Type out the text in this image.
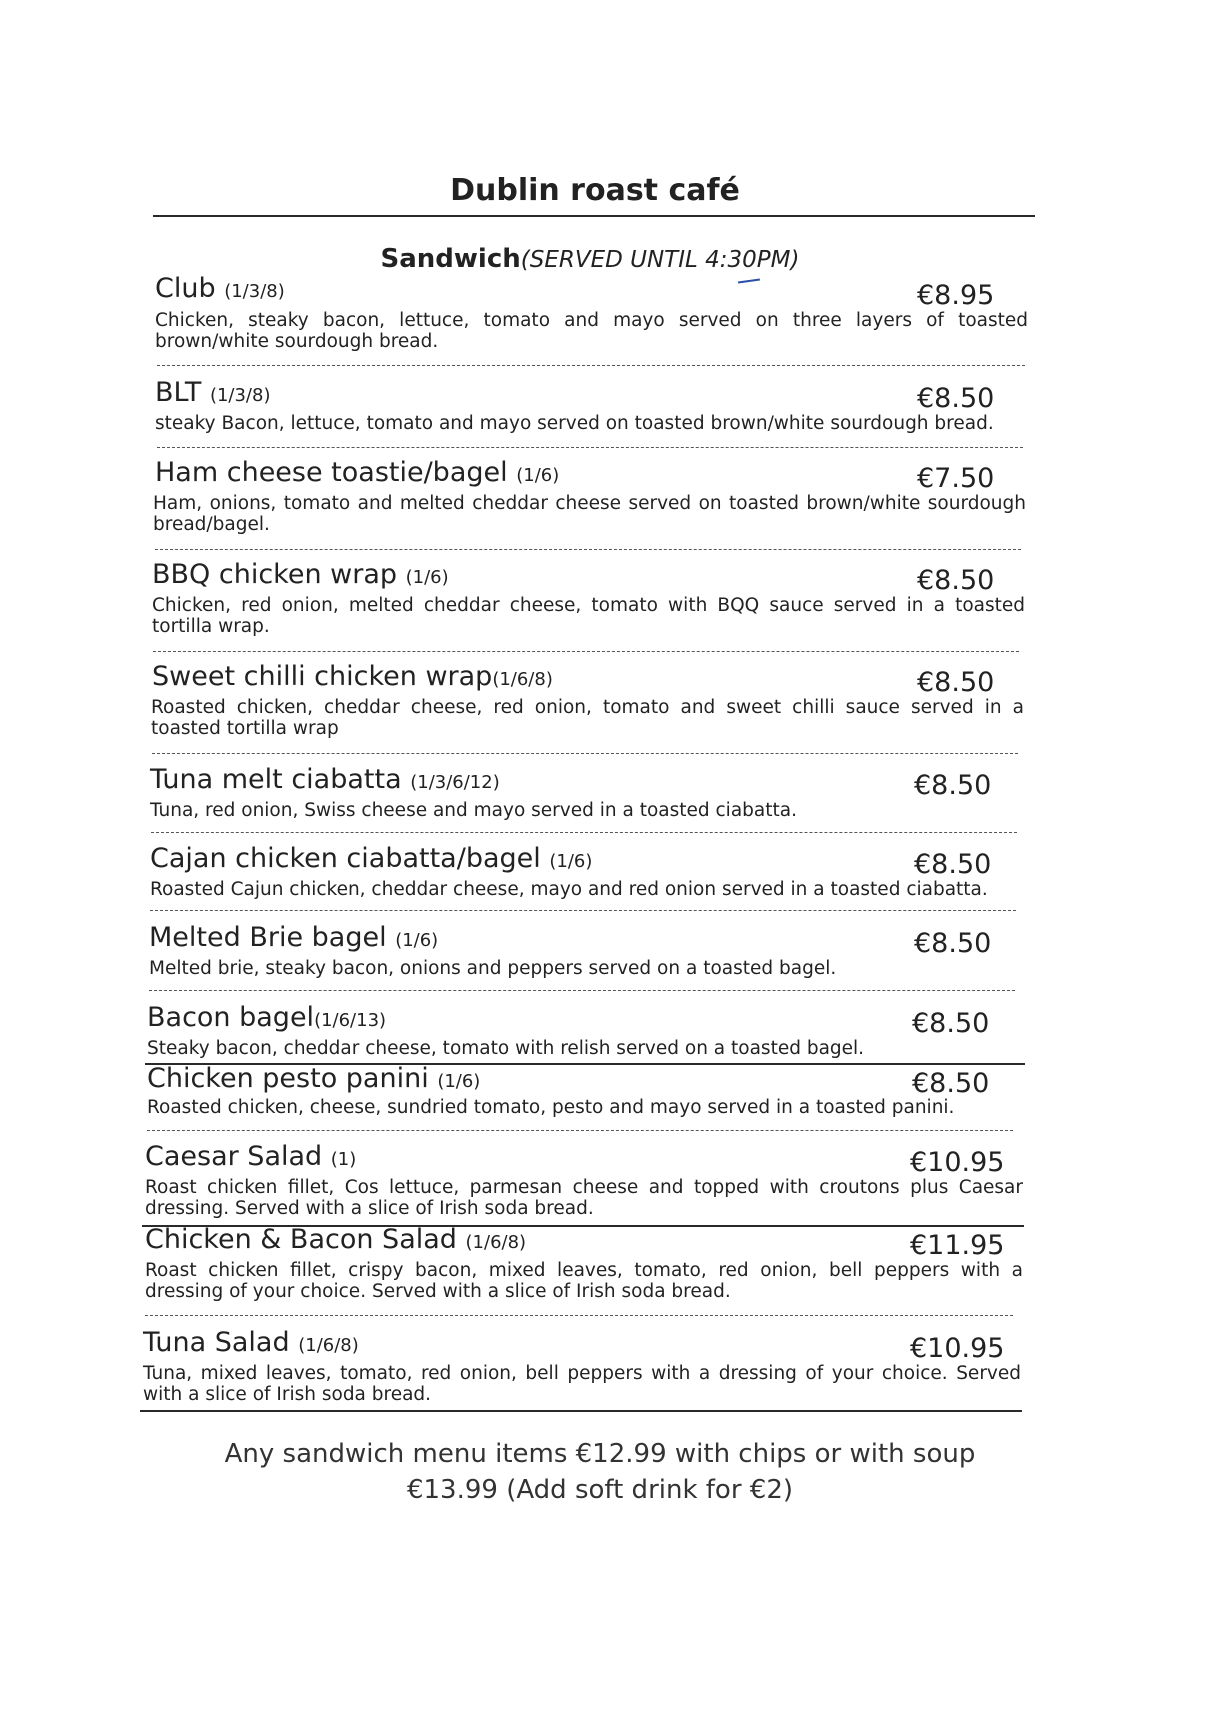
Dublin roast café
Sandwich(SERVED UNTIL 4:30PM)
Club (1/3/8)	€8.95
Chicken, steaky bacon, lettuce, tomato and mayo served on three layers of toasted brown/white sourdough bread.
BLT (1/3/8)	€8.50
steaky Bacon, lettuce, tomato and mayo served on toasted brown/white sourdough bread.
Ham cheese toastie/bagel (1/6)	€7.50
Ham, onions, tomato and melted cheddar cheese served on toasted brown/white sourdough bread/bagel.
BBQ chicken wrap (1/6)	€8.50
Chicken, red onion, melted cheddar cheese, tomato with BQQ sauce served in a toasted tortilla wrap.
Sweet chilli chicken wrap(1/6/8)	€8.50
Roasted chicken, cheddar cheese, red onion, tomato and sweet chilli sauce served in a toasted tortilla wrap
Tuna melt ciabatta (1/3/6/12)	€8.50
Tuna, red onion, Swiss cheese and mayo served in a toasted ciabatta.
Cajan chicken ciabatta/bagel (1/6)	€8.50
Roasted Cajun chicken, cheddar cheese, mayo and red onion served in a toasted ciabatta.
Melted Brie bagel (1/6)	€8.50
Melted brie, steaky bacon, onions and peppers served on a toasted bagel.
Bacon bagel(1/6/13)	€8.50
Steaky bacon, cheddar cheese, tomato with relish served on a toasted bagel.
Chicken pesto panini (1/6)	€8.50
Roasted chicken, cheese, sundried tomato, pesto and mayo served in a toasted panini.
Caesar Salad (1)	€10.95
Roast chicken fillet, Cos lettuce, parmesan cheese and topped with croutons plus Caesar dressing. Served with a slice of Irish soda bread.
Chicken & Bacon Salad (1/6/8)	€11.95
Roast chicken fillet, crispy bacon, mixed leaves, tomato, red onion, bell peppers with a dressing of your choice. Served with a slice of Irish soda bread.
Tuna Salad (1/6/8)	€10.95
Tuna, mixed leaves, tomato, red onion, bell peppers with a dressing of your choice. Served with a slice of Irish soda bread.
Any sandwich menu items €12.99 with chips or with soup
€13.99 (Add soft drink for €2)
